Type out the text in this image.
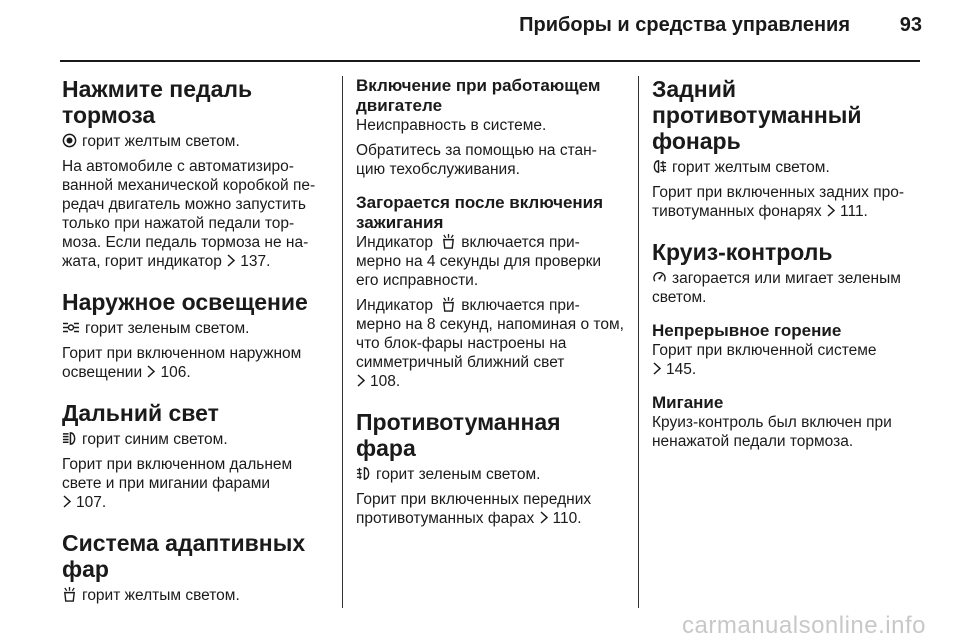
Приборы и средства управления 93
Нажмите педаль тормоза

горит желтым светом.

На автомобиле с автоматизиро- ванной механической коробкой пе- редач двигатель можно запустить только при нажатой педали тор- моза. Если педаль тормоза не на- жата, горит индикатор 137.

Наружное освещение

горит зеленым светом.

Горит при включенном наружном освещении 106.

Дальний свет

горит синим светом.

Горит при включенном дальнем свете и при мигании фарами
107.

Система адаптивных фар

горит желтым светом.

Включение при работающем двигателе

Неисправность в системе.

Обратитесь за помощью на стан- цию техобслуживания.

Загорается после включения зажигания

Индикатор включается при- мерно на 4 секунды для проверки его исправности.

Индикатор включается при- мерно на 8 секунд, напоминая о том, что блок-фары настроены на симметричный ближний свет
108.

Противотуманная фара

горит зеленым светом.

Горит при включенных передних противотуманных фарах 110.

Задний противотуманный фонарь

горит желтым светом.

Горит при включенных задних про- тивотуманных фонарях 111.

Круиз-контроль

загорается или мигает зеленым светом.

Непрерывное горение

Горит при включенной системе
145.

Мигание

Круиз-контроль был включен при ненажатой педали тормоза.

carmanualsonline.info
